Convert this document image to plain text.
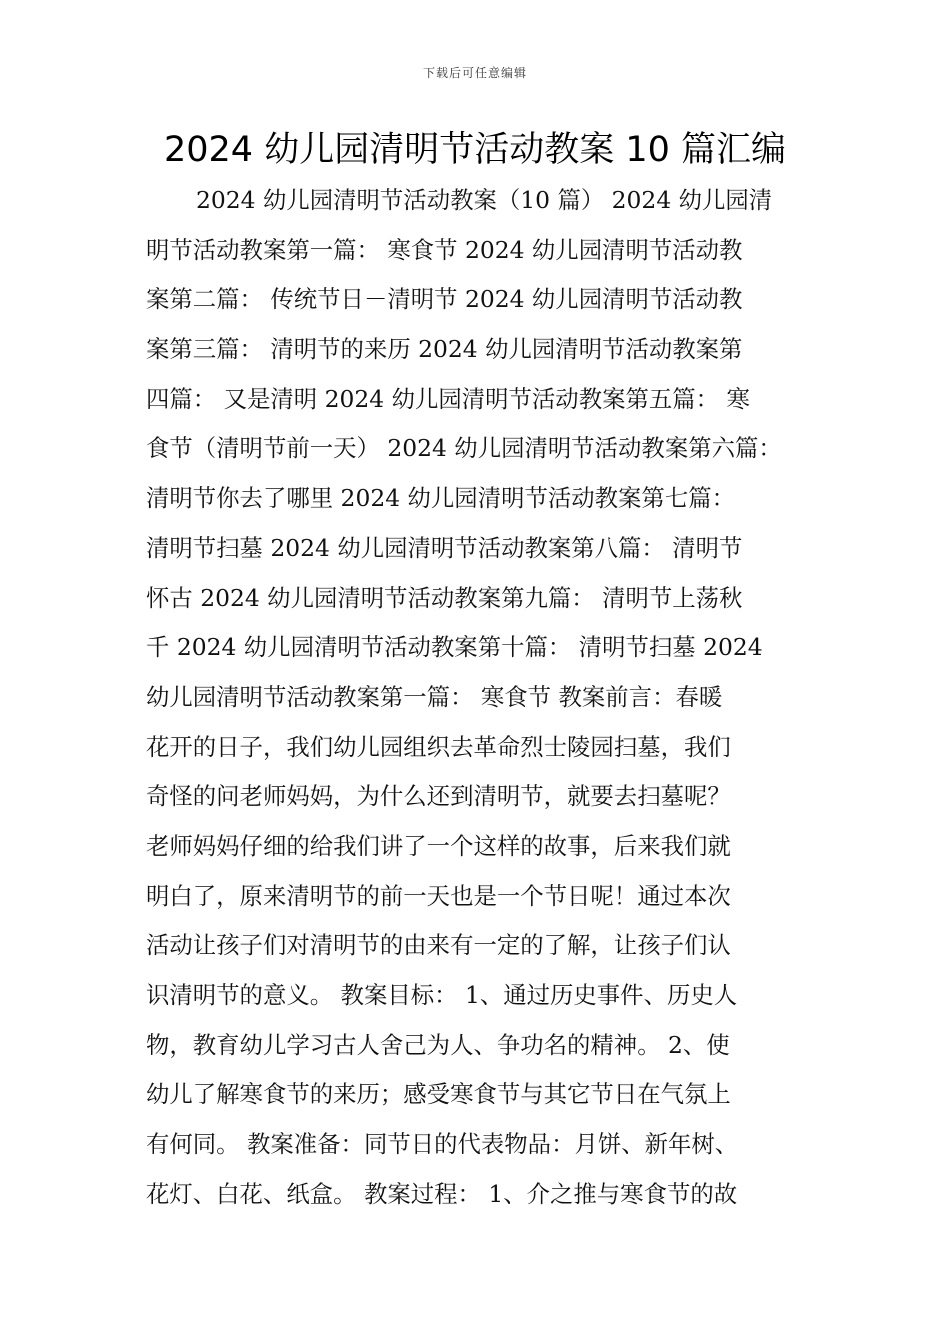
下载后可任意编辑
2024 幼儿园清明节活动教案 10 篇汇编
2024 幼儿园清明节活动教案（10 篇） 2024 幼儿园清
明节活动教案第一篇： 寒食节 2024 幼儿园清明节活动教
案第二篇： 传统节日－清明节 2024 幼儿园清明节活动教
案第三篇： 清明节的来历 2024 幼儿园清明节活动教案第
四篇： 又是清明 2024 幼儿园清明节活动教案第五篇： 寒
食节（清明节前一天） 2024 幼儿园清明节活动教案第六篇：
清明节你去了哪里 2024 幼儿园清明节活动教案第七篇：
清明节扫墓 2024 幼儿园清明节活动教案第八篇： 清明节
怀古 2024 幼儿园清明节活动教案第九篇： 清明节上荡秋
千 2024 幼儿园清明节活动教案第十篇： 清明节扫墓 2024
幼儿园清明节活动教案第一篇： 寒食节 教案前言：春暖
花开的日子，我们幼儿园组织去革命烈士陵园扫墓，我们
奇怪的问老师妈妈，为什么还到清明节，就要去扫墓呢？
老师妈妈仔细的给我们讲了一个这样的故事，后来我们就
明白了，原来清明节的前一天也是一个节日呢！通过本次
活动让孩子们对清明节的由来有一定的了解，让孩子们认
识清明节的意义。 教案目标： 1、通过历史事件、历史人
物，教育幼儿学习古人舍己为人、争功名的精神。 2、使
幼儿了解寒食节的来历；感受寒食节与其它节日在气氛上
有何同。 教案准备：同节日的代表物品：月饼、新年树、
花灯、白花、纸盒。 教案过程： 1、介之推与寒食节的故
